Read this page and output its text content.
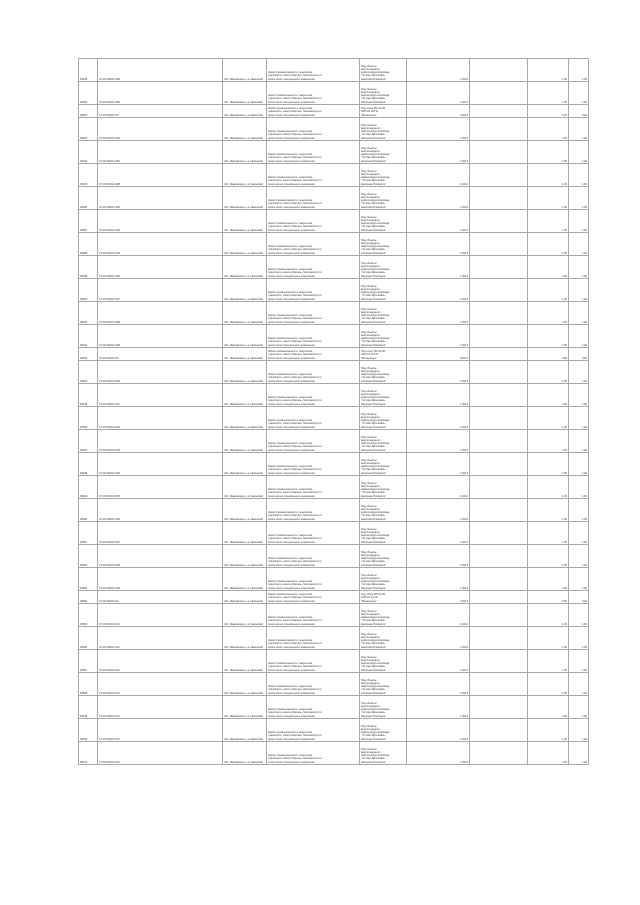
00459	37:16:010214:185	обл. Ивановская, р-н Савинский	Земли промышленности, энергетики,
транспорта, земли обороны, безопасности и
земли иного специального назначения	Под объекты
внеплощадного
нефтепродуктопровода
" Кстово-Ярославль-
Нагорная-Приморск"	1,0014		1,00	1,00

00460	37:16:010214:189	обл. Ивановская, р-н Савинский	Земли промышленности, энергетики,
транспорта, земли обороны, безопасности и
земли иного специального назначения	Под объекты
внеплощадного
нефтепродуктопровода
" Кстово-Ярославль-
Нагорная-Приморск"	1,0014		1,00	1,00

00461	37:16:010214:15	обл. Ивановская, р-н Савинский	Земли промышленности, энергетики,
транспорта, земли обороны, безопасности и
земли иного специального назначения	Под опору ВЛ-10 кВ
ЛЭП-10 на ПС
"Вознесенье"	0,0014		0,00	0,04

00462	37:16:010214:184	обл. Ивановская, р-н Савинский	Земли промышленности, энергетики,
транспорта, земли обороны, безопасности и
земли иного специального назначения	Под объекты
внеплощадного
нефтепродуктопровода
" Кстово-Ярославль-
Нагорная-Приморск"	1,0014		1,00	1,00

00463	37:16:010214:187	обл. Ивановская, р-н Савинский	Земли промышленности, энергетики,
транспорта, земли обороны, безопасности и
земли иного специального назначения	Под объекты
внеплощадного
нефтепродуктопровода
" Кстово-Ярославль-
Нагорная-Приморск"	1,0014		1,00	1,00

00465	37:16:010214:188	обл. Ивановская, р-н Савинский	Земли промышленности, энергетики,
транспорта, земли обороны, безопасности и
земли иного специального назначения	Под объекты
внеплощадного
нефтепродуктопровода
" Кстово-Ярославль-
Нагорная-Приморск"	1,0014		1,00	1,00

00486	37:16:010214:190	обл. Ивановская, р-н Савинский	Земли промышленности, энергетики,
транспорта, земли обороны, безопасности и
земли иного специального назначения	Под объекты
внеплощадного
нефтепродуктопровода
" Кстово-Ярославль-
Нагорная-Приморск"	1,0014		1,00	1,00

00487	37:16:010214:194	обл. Ивановская, р-н Савинский	Земли промышленности, энергетики,
транспорта, земли обороны, безопасности и
земли иного специального назначения	Под объекты
внеплощадного
нефтепродуктопровода
" Кстово-Ярославль-
Нагорная-Приморск"	1,0014		1,00	1,00

00488	37:16:010214:193	обл. Ивановская, р-н Савинский	Земли промышленности, энергетики,
транспорта, земли обороны, безопасности и
земли иного специального назначения	Под объекты
внеплощадного
нефтепродуктопровода
" Кстово-Ярославль-
Нагорная-Приморск"	1,0014		1,00	1,00

00489	37:16:010214:196	обл. Ивановская, р-н Савинский	Земли промышленности, энергетики,
транспорта, земли обороны, безопасности и
земли иного специального назначения	Под объекты
внеплощадного
нефтепродуктопровода
" Кстово-Ярославль-
Нагорная-Приморск"	1,0014		1,00	1,00

00490	37:16:010214:197	обл. Ивановская, р-н Савинский	Земли промышленности, энергетики,
транспорта, земли обороны, безопасности и
земли иного специального назначения	Под объекты
внеплощадного
нефтепродуктопровода
" Кстово-Ярославль-
Нагорная-Приморск"	1,0014		1,00	1,00

00491	37:16:010214:198	обл. Ивановская, р-н Савинский	Земли промышленности, энергетики,
транспорта, земли обороны, безопасности и
земли иного специального назначения	Под объекты
внеплощадного
нефтепродуктопровода
" Кстово-Ярославль-
Нагорная-Приморск"	1,0014		1,00	1,00

00492	37:16:010214:199	обл. Ивановская, р-н Савинский	Земли промышленности, энергетики,
транспорта, земли обороны, безопасности и
земли иного специального назначения	Под объекты
внеплощадного
нефтепродуктопровода
" Кстово-Ярославль-
Нагорная-Приморск"	1,0014		1,00	1,00

00493	37:16:010214:20	обл. Ивановская, р-н Савинский	Земли промышленности, энергетики,
транспорта, земли обороны, безопасности и
земли иного специального назначения	Под опору ВЛ-10 кВ
ЛЭП-10 на ПС
"Вознесенье"	0,0014		0,00	0,00

00494	37:16:010214:200	обл. Ивановская, р-н Савинский	Земли промышленности, энергетики,
транспорта, земли обороны, безопасности и
земли иного специального назначения	Под объекты
внеплощадного
нефтепродуктопровода
" Кстово-Ярославль-
Нагорная-Приморск"	1,0014		1,00	1,00

00495	37:16:010214:201	обл. Ивановская, р-н Савинский	Земли промышленности, энергетики,
транспорта, земли обороны, безопасности и
земли иного специального назначения	Под объекты
внеплощадного
нефтепродуктопровода
" Кстово-Ярославль-
Нагорная-Приморск"	1,0014		1,00	1,00

00496	37:16:010214:202	обл. Ивановская, р-н Савинский	Земли промышленности, энергетики,
транспорта, земли обороны, безопасности и
земли иного специального назначения	Под объекты
внеплощадного
нефтепродуктопровода
" Кстово-Ярославль-
Нагорная-Приморск"	1,0014		1,00	1,00

00497	37:16:010214:203	обл. Ивановская, р-н Савинский	Земли промышленности, энергетики,
транспорта, земли обороны, безопасности и
земли иного специального назначения	Под объекты
внеплощадного
нефтепродуктопровода
" Кстово-Ярославль-
Нагорная-Приморск"	1,0014		1,00	1,00

00498	37:16:010214:204	обл. Ивановская, р-н Савинский	Земли промышленности, энергетики,
транспорта, земли обороны, безопасности и
земли иного специального назначения	Под объекты
внеплощадного
нефтепродуктопровода
" Кстово-Ярославль-
Нагорная-Приморск"	1,0014		1,00	1,00

00499	37:16:010214:205	обл. Ивановская, р-н Савинский	Земли промышленности, энергетики,
транспорта, земли обороны, безопасности и
земли иного специального назначения	Под объекты
внеплощадного
нефтепродуктопровода
" Кстово-Ярославль-
Нагорная-Приморск"	1,0014		1,00	1,00

00500	37:16:010214:206	обл. Ивановская, р-н Савинский	Земли промышленности, энергетики,
транспорта, земли обороны, безопасности и
земли иного специального назначения	Под объекты
внеплощадного
нефтепродуктопровода
" Кстово-Ярославль-
Нагорная-Приморск"	1,0014		1,00	1,00

00501	37:16:010214:207	обл. Ивановская, р-н Савинский	Земли промышленности, энергетики,
транспорта, земли обороны, безопасности и
земли иного специального назначения	Под объекты
внеплощадного
нефтепродуктопровода
" Кстово-Ярославль-
Нагорная-Приморск"	1,0014		1,00	1,00

00502	37:16:010214:208	обл. Ивановская, р-н Савинский	Земли промышленности, энергетики,
транспорта, земли обороны, безопасности и
земли иного специального назначения	Под объекты
внеплощадного
нефтепродуктопровода
" Кстово-Ярославль-
Нагорная-Приморск"	1,0014		1,00	1,00

00503	37:16:010214:209	обл. Ивановская, р-н Савинский	Земли промышленности, энергетики,
транспорта, земли обороны, безопасности и
земли иного специального назначения	Под объекты
внеплощадного
нефтепродуктопровода
" Кстово-Ярославль-
Нагорная-Приморск"	1,0014		1,00	1,00

00504	37:16:010214:21	обл. Ивановская, р-н Савинский	Земли промышленности, энергетики,
транспорта, земли обороны, безопасности и
земли иного специального назначения	Под опору ВЛ-10 кВ
ЛЭП-10 на ПС
"Вознесенье"	0,0014		0,00	0,04

00505	37:16:010214:210	обл. Ивановская, р-н Савинский	Земли промышленности, энергетики,
транспорта, земли обороны, безопасности и
земли иного специального назначения	Под объекты
внеплощадного
нефтепродуктопровода
" Кстово-Ярославль-
Нагорная-Приморск"	1,0014		1,00	1,00

00506	37:16:010214:211	обл. Ивановская, р-н Савинский	Земли промышленности, энергетики,
транспорта, земли обороны, безопасности и
земли иного специального назначения	Под объекты
внеплощадного
нефтепродуктопровода
" Кстово-Ярославль-
Нагорная-Приморск"	1,0014		1,00	1,00

00507	37:16:010214:212	обл. Ивановская, р-н Савинский	Земли промышленности, энергетики,
транспорта, земли обороны, безопасности и
земли иного специального назначения	Под объекты
внеплощадного
нефтепродуктопровода
" Кстово-Ярославль-
Нагорная-Приморск"	1,0014		1,00	1,00

00508	37:16:010214:213	обл. Ивановская, р-н Савинский	Земли промышленности, энергетики,
транспорта, земли обороны, безопасности и
земли иного специального назначения	Под объекты
внеплощадного
нефтепродуктопровода
" Кстово-Ярославль-
Нагорная-Приморск"	1,0014		1,00	1,00

00509	37:16:010214:214	обл. Ивановская, р-н Савинский	Земли промышленности, энергетики,
транспорта, земли обороны, безопасности и
земли иного специального назначения	Под объекты
внеплощадного
нефтепродуктопровода
" Кстово-Ярославль-
Нагорная-Приморск"	1,0014		1,00	1,00

00510	37:16:010214:215	обл. Ивановская, р-н Савинский	Земли промышленности, энергетики,
транспорта, земли обороны, безопасности и
земли иного специального назначения	Под объекты
внеплощадного
нефтепродуктопровода
" Кстово-Ярославль-
Нагорная-Приморск"	1,0014		1,00	1,00

00511	37:16:010214:216	обл. Ивановская, р-н Савинский	Земли промышленности, энергетики,
транспорта, земли обороны, безопасности и
земли иного специального назначения	Под объекты
внеплощадного
нефтепродуктопровода
" Кстово-Ярославль-
Нагорная-Приморск"	1,0014		1,00	1,00
